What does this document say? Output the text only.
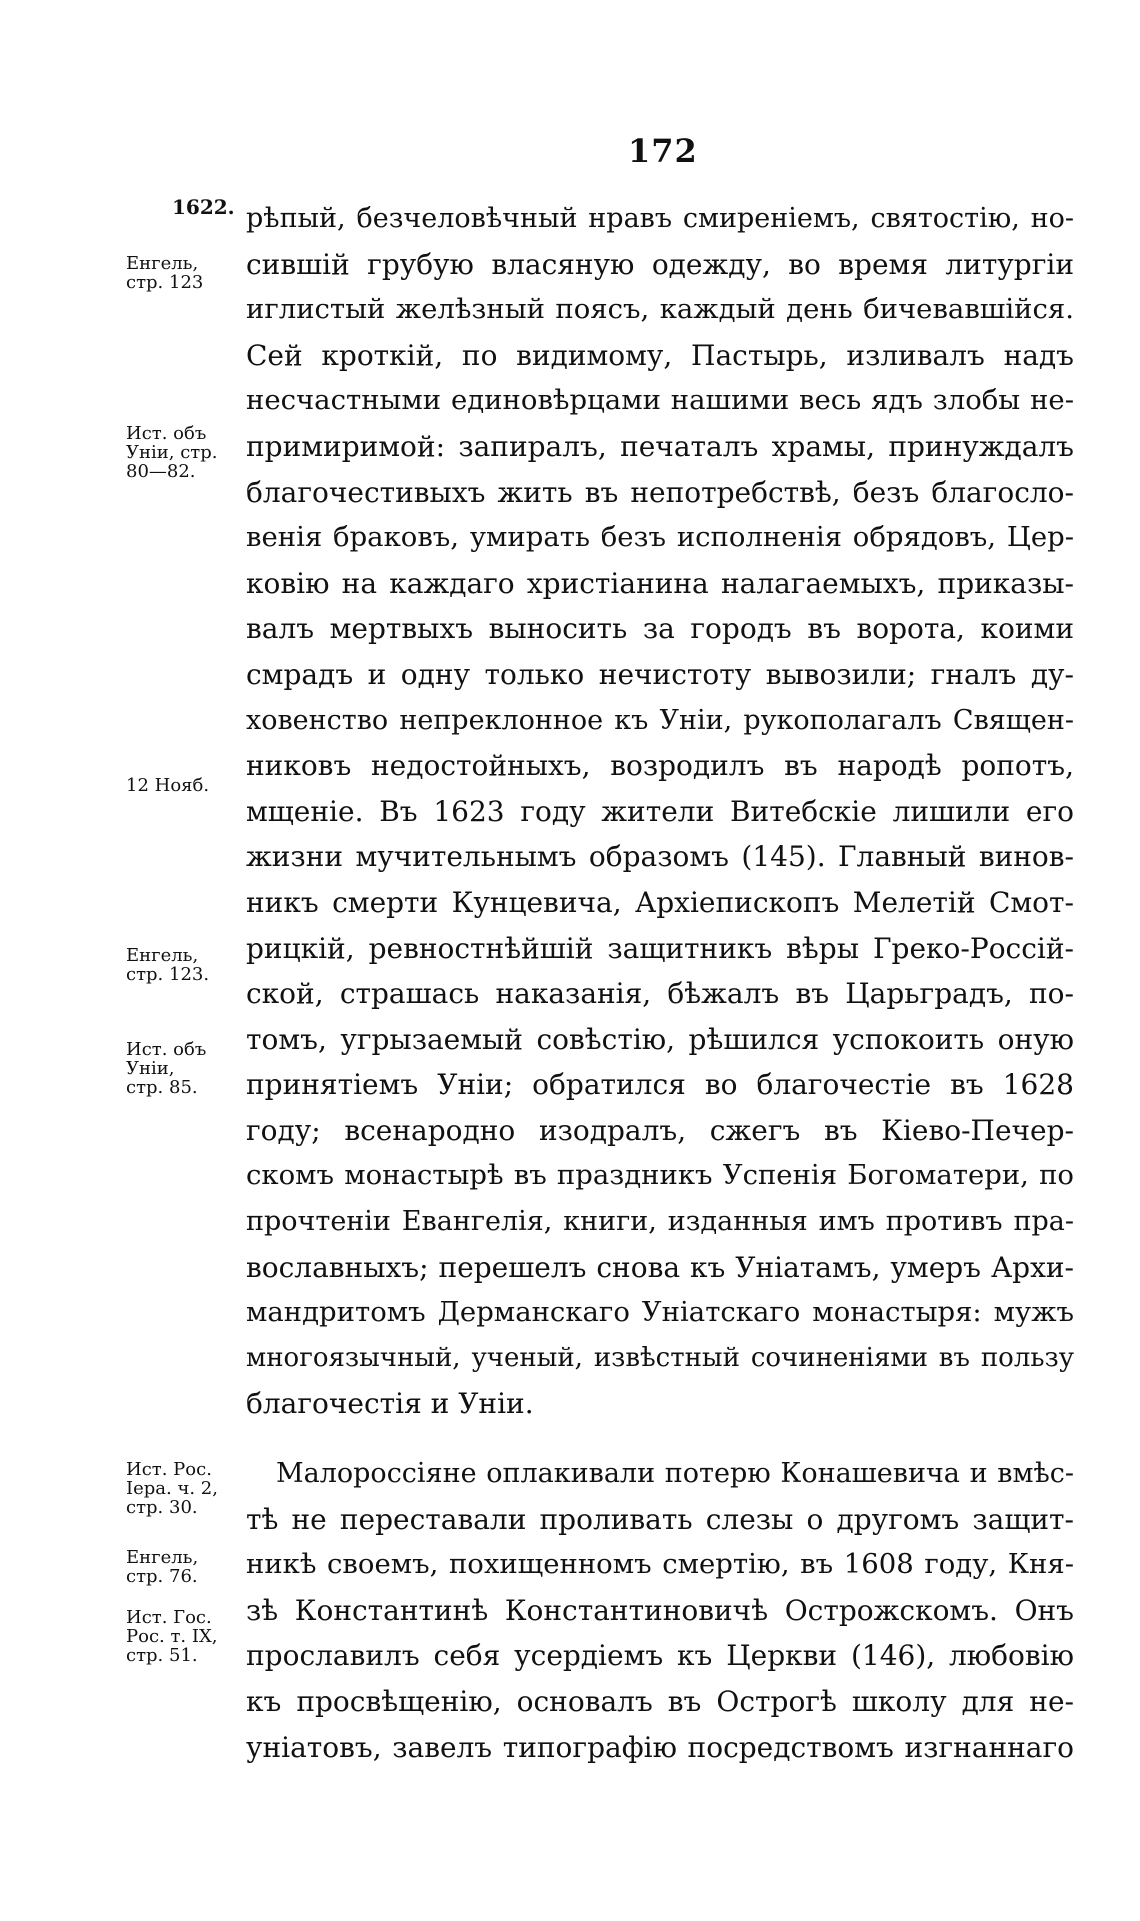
172
1622.
Енгель,
стр. 123
Ист. объ
Уніи, стр.
80—82.
12 Нояб.
Енгель,
стр. 123.
Ист. объ
Уніи,
стр. 85.
Ист. Рос.
Іера. ч. 2,
стр. 30.
Енгель,
стр. 76.
Ист. Гос.
Рос. т. IX,
стр. 51.
рѣпый, безчеловѣчный нравъ смиреніемъ, святостію, но-
сившій грубую власяную одежду, во время литургіи
иглистый желѣзный поясъ, каждый день бичевавшійся.
Сей кроткій, по видимому, Пастырь, изливалъ надъ
несчастными единовѣрцами нашими весь ядъ злобы не-
примиримой: запиралъ, печаталъ храмы, принуждалъ
благочестивыхъ жить въ непотребствѣ, безъ благосло-
венія браковъ, умирать безъ исполненія обрядовъ, Цер-
ковію на каждаго христіанина налагаемыхъ, приказы-
валъ мертвыхъ выносить за городъ въ ворота, коими
смрадъ и одну только нечистоту вывозили; гналъ ду-
ховенство непреклонное къ Уніи, рукополагалъ Священ-
никовъ недостойныхъ, возродилъ въ народѣ ропотъ,
мщеніе. Въ 1623 году жители Витебскіе лишили его
жизни мучительнымъ образомъ (145). Главный винов-
никъ смерти Кунцевича, Архіепископъ Мелетій Смот-
рицкій, ревностнѣйшій защитникъ вѣры Греко-Россій-
ской, страшась наказанія, бѣжалъ въ Царьградъ, по-
томъ, угрызаемый совѣстію, рѣшился успокоить оную
принятіемъ Уніи; обратился во благочестіе въ 1628
году; всенародно изодралъ, сжегъ въ Кіево-Печер-
скомъ монастырѣ въ праздникъ Успенія Богоматери, по
прочтеніи Евангелія, книги, изданныя имъ противъ пра-
вославныхъ; перешелъ снова къ Уніатамъ, умеръ Архи-
мандритомъ Дерманскаго Уніатскаго монастыря: мужъ
многоязычный, ученый, извѣстный сочиненіями въ пользу
благочестія и Уніи.
Малороссіяне оплакивали потерю Конашевича и вмѣс-
тѣ не переставали проливать слезы о другомъ защит-
никѣ своемъ, похищенномъ смертію, въ 1608 году, Кня-
зѣ Константинѣ Константиновичѣ Острожскомъ. Онъ
прославилъ себя усердіемъ къ Церкви (146), любовію
къ просвѣщенію, основалъ въ Острогѣ школу для не-
уніатовъ, завелъ типографію посредствомъ изгнаннаго
